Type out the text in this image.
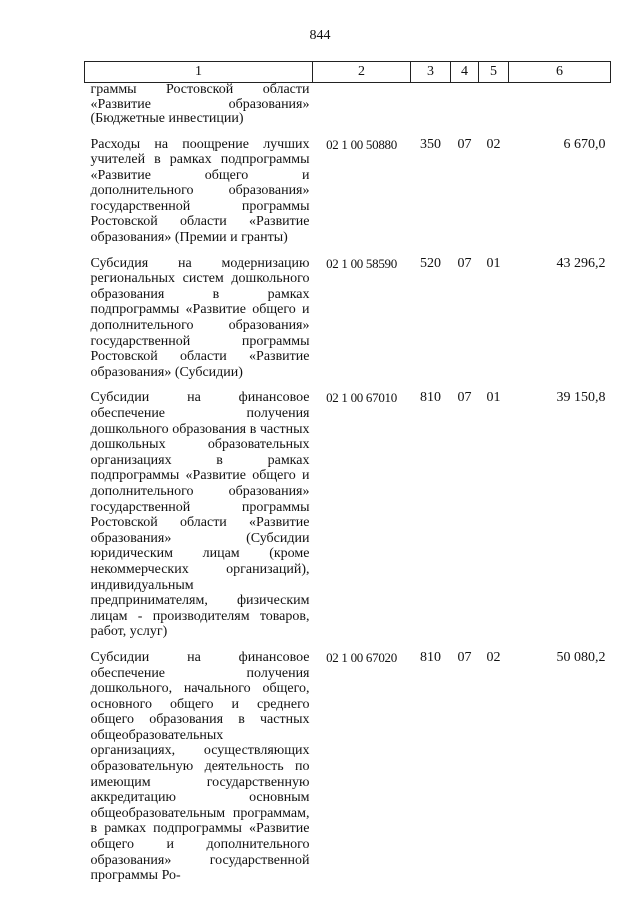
844
1	2	3	4	5	6
граммы Ростовской области «Развитие образования» (Бюджетные инвестиции)					

Расходы на поощрение лучших учителей в рамках подпрограммы «Развитие общего и дополнительного образования» государственной программы Ростовской области «Развитие образования» (Премии и гранты)	02 1 00 50880	350	07	02	6 670,0

Субсидия на модернизацию региональных систем дошкольного образования в рамках подпрограммы «Развитие общего и дополнительного образования» государственной программы Ростовской области «Развитие образования» (Субсидии)	02 1 00 58590	520	07	01	43 296,2

Субсидии на финансовое обеспечение получения дошкольного образования в частных дошкольных образовательных организациях в рамках подпрограммы «Развитие общего и дополнительного образования» государственной программы Ростовской области «Развитие образования» (Субсидии юридическим лицам (кроме некоммерческих организаций), индивидуальным предпринимателям, физическим лицам - производителям товаров, работ, услуг)	02 1 00 67010	810	07	01	39 150,8

Субсидии на финансовое обеспечение получения дошкольного, начального общего, основного общего и среднего общего образования в частных общеобразовательных организациях, осуществляющих образовательную деятельность по имеющим государственную аккредитацию основным общеобразовательным программам, в рамках подпрограммы «Развитие общего и дополнительного образования» государственной программы Ро-	02 1 00 67020	810	07	02	50 080,2
